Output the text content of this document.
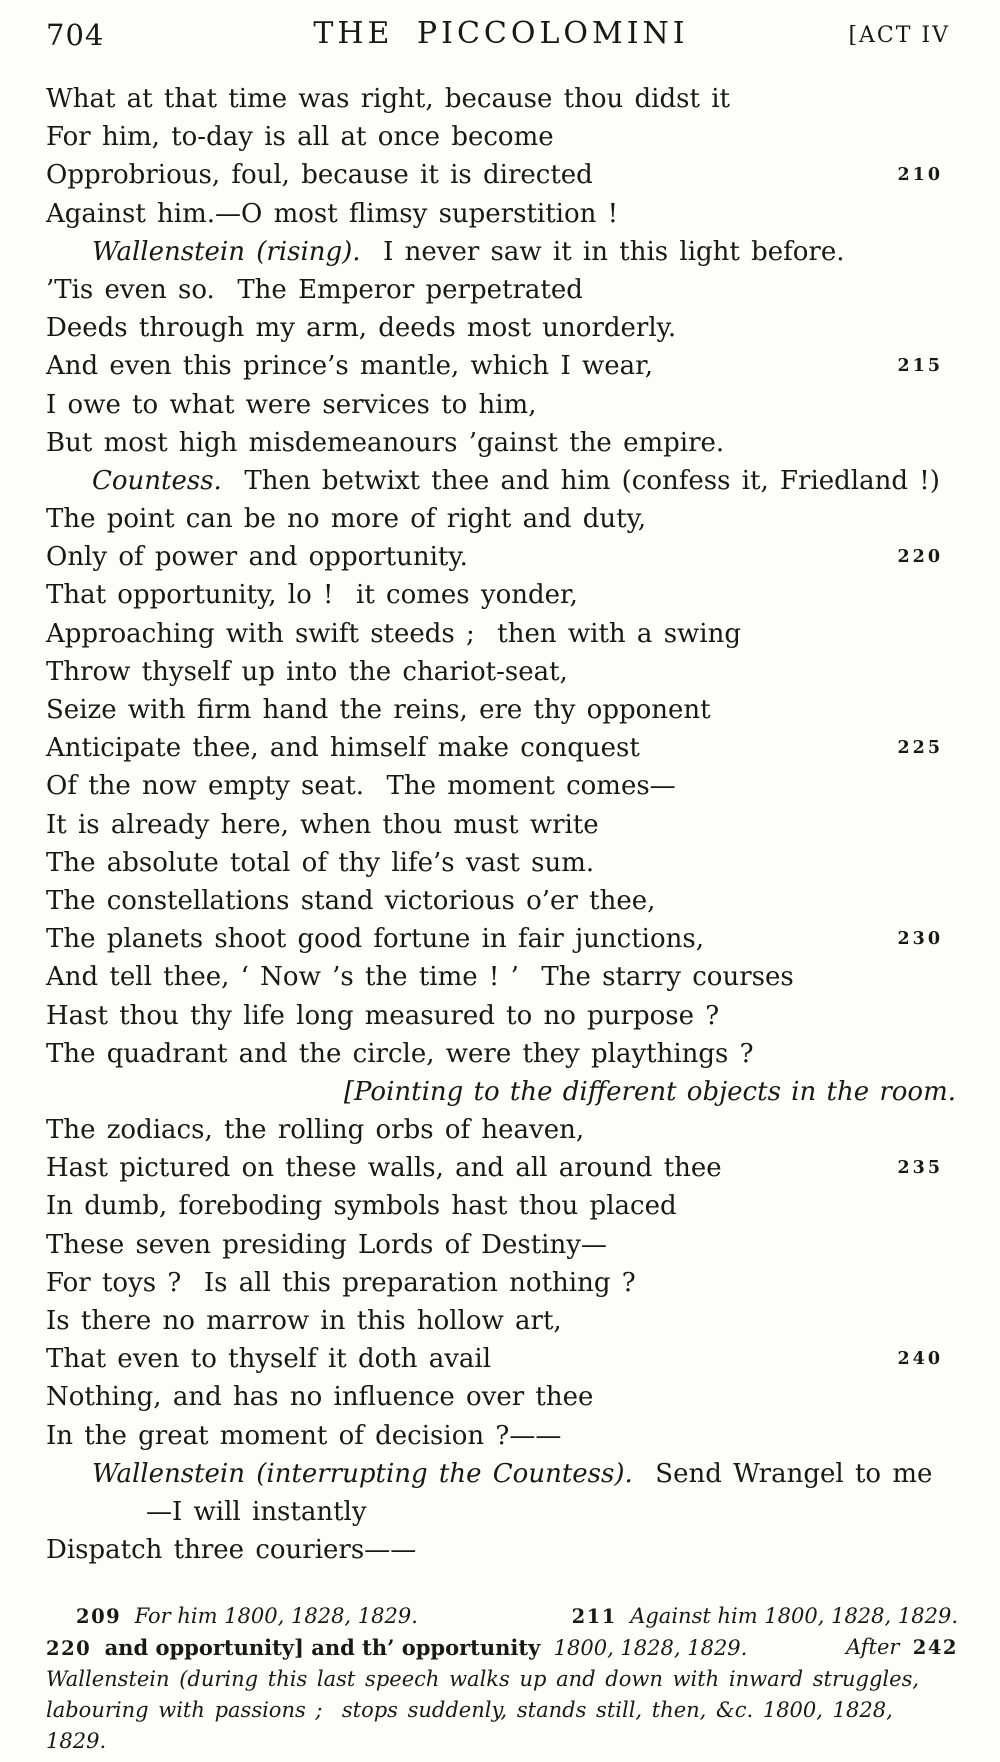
704	THE PICCOLOMINI	[ACT IV
What at that time was right, because thou didst it
For him, to-day is all at once become
Opprobrious, foul, because it is directed	210
Against him.—O most flimsy superstition !
Wallenstein (rising).  I never saw it in this light before.
’Tis even so.  The Emperor perpetrated
Deeds through my arm, deeds most unorderly.
And even this prince’s mantle, which I wear,	215
I owe to what were services to him,
But most high misdemeanours ’gainst the empire.
Countess.  Then betwixt thee and him (confess it, Friedland !)
The point can be no more of right and duty,
Only of power and opportunity.	220
That opportunity, lo !  it comes yonder,
Approaching with swift steeds ;  then with a swing
Throw thyself up into the chariot-seat,
Seize with firm hand the reins, ere thy opponent
Anticipate thee, and himself make conquest	225
Of the now empty seat.  The moment comes—
It is already here, when thou must write
The absolute total of thy life’s vast sum.
The constellations stand victorious o’er thee,
The planets shoot good fortune in fair junctions,	230
And tell thee, ‘ Now ’s the time ! ’  The starry courses
Hast thou thy life long measured to no purpose ?
The quadrant and the circle, were they playthings ?
[Pointing to the different objects in the room.
The zodiacs, the rolling orbs of heaven,
Hast pictured on these walls, and all around thee	235
In dumb, foreboding symbols hast thou placed
These seven presiding Lords of Destiny—
For toys ?  Is all this preparation nothing ?
Is there no marrow in this hollow art,
That even to thyself it doth avail	240
Nothing, and has no influence over thee
In the great moment of decision ?——
Wallenstein (interrupting the Countess).  Send Wrangel to me
—I will instantly
Dispatch three couriers——
209 For him 1800, 1828, 1829.	211 Against him 1800, 1828, 1829.
220 and opportunity] and th’ opportunity 1800, 1828, 1829.	After 242
Wallenstein (during this last speech walks up and down with inward struggles,
labouring with passions ;  stops suddenly, stands still, then, &c. 1800, 1828, 1829.
